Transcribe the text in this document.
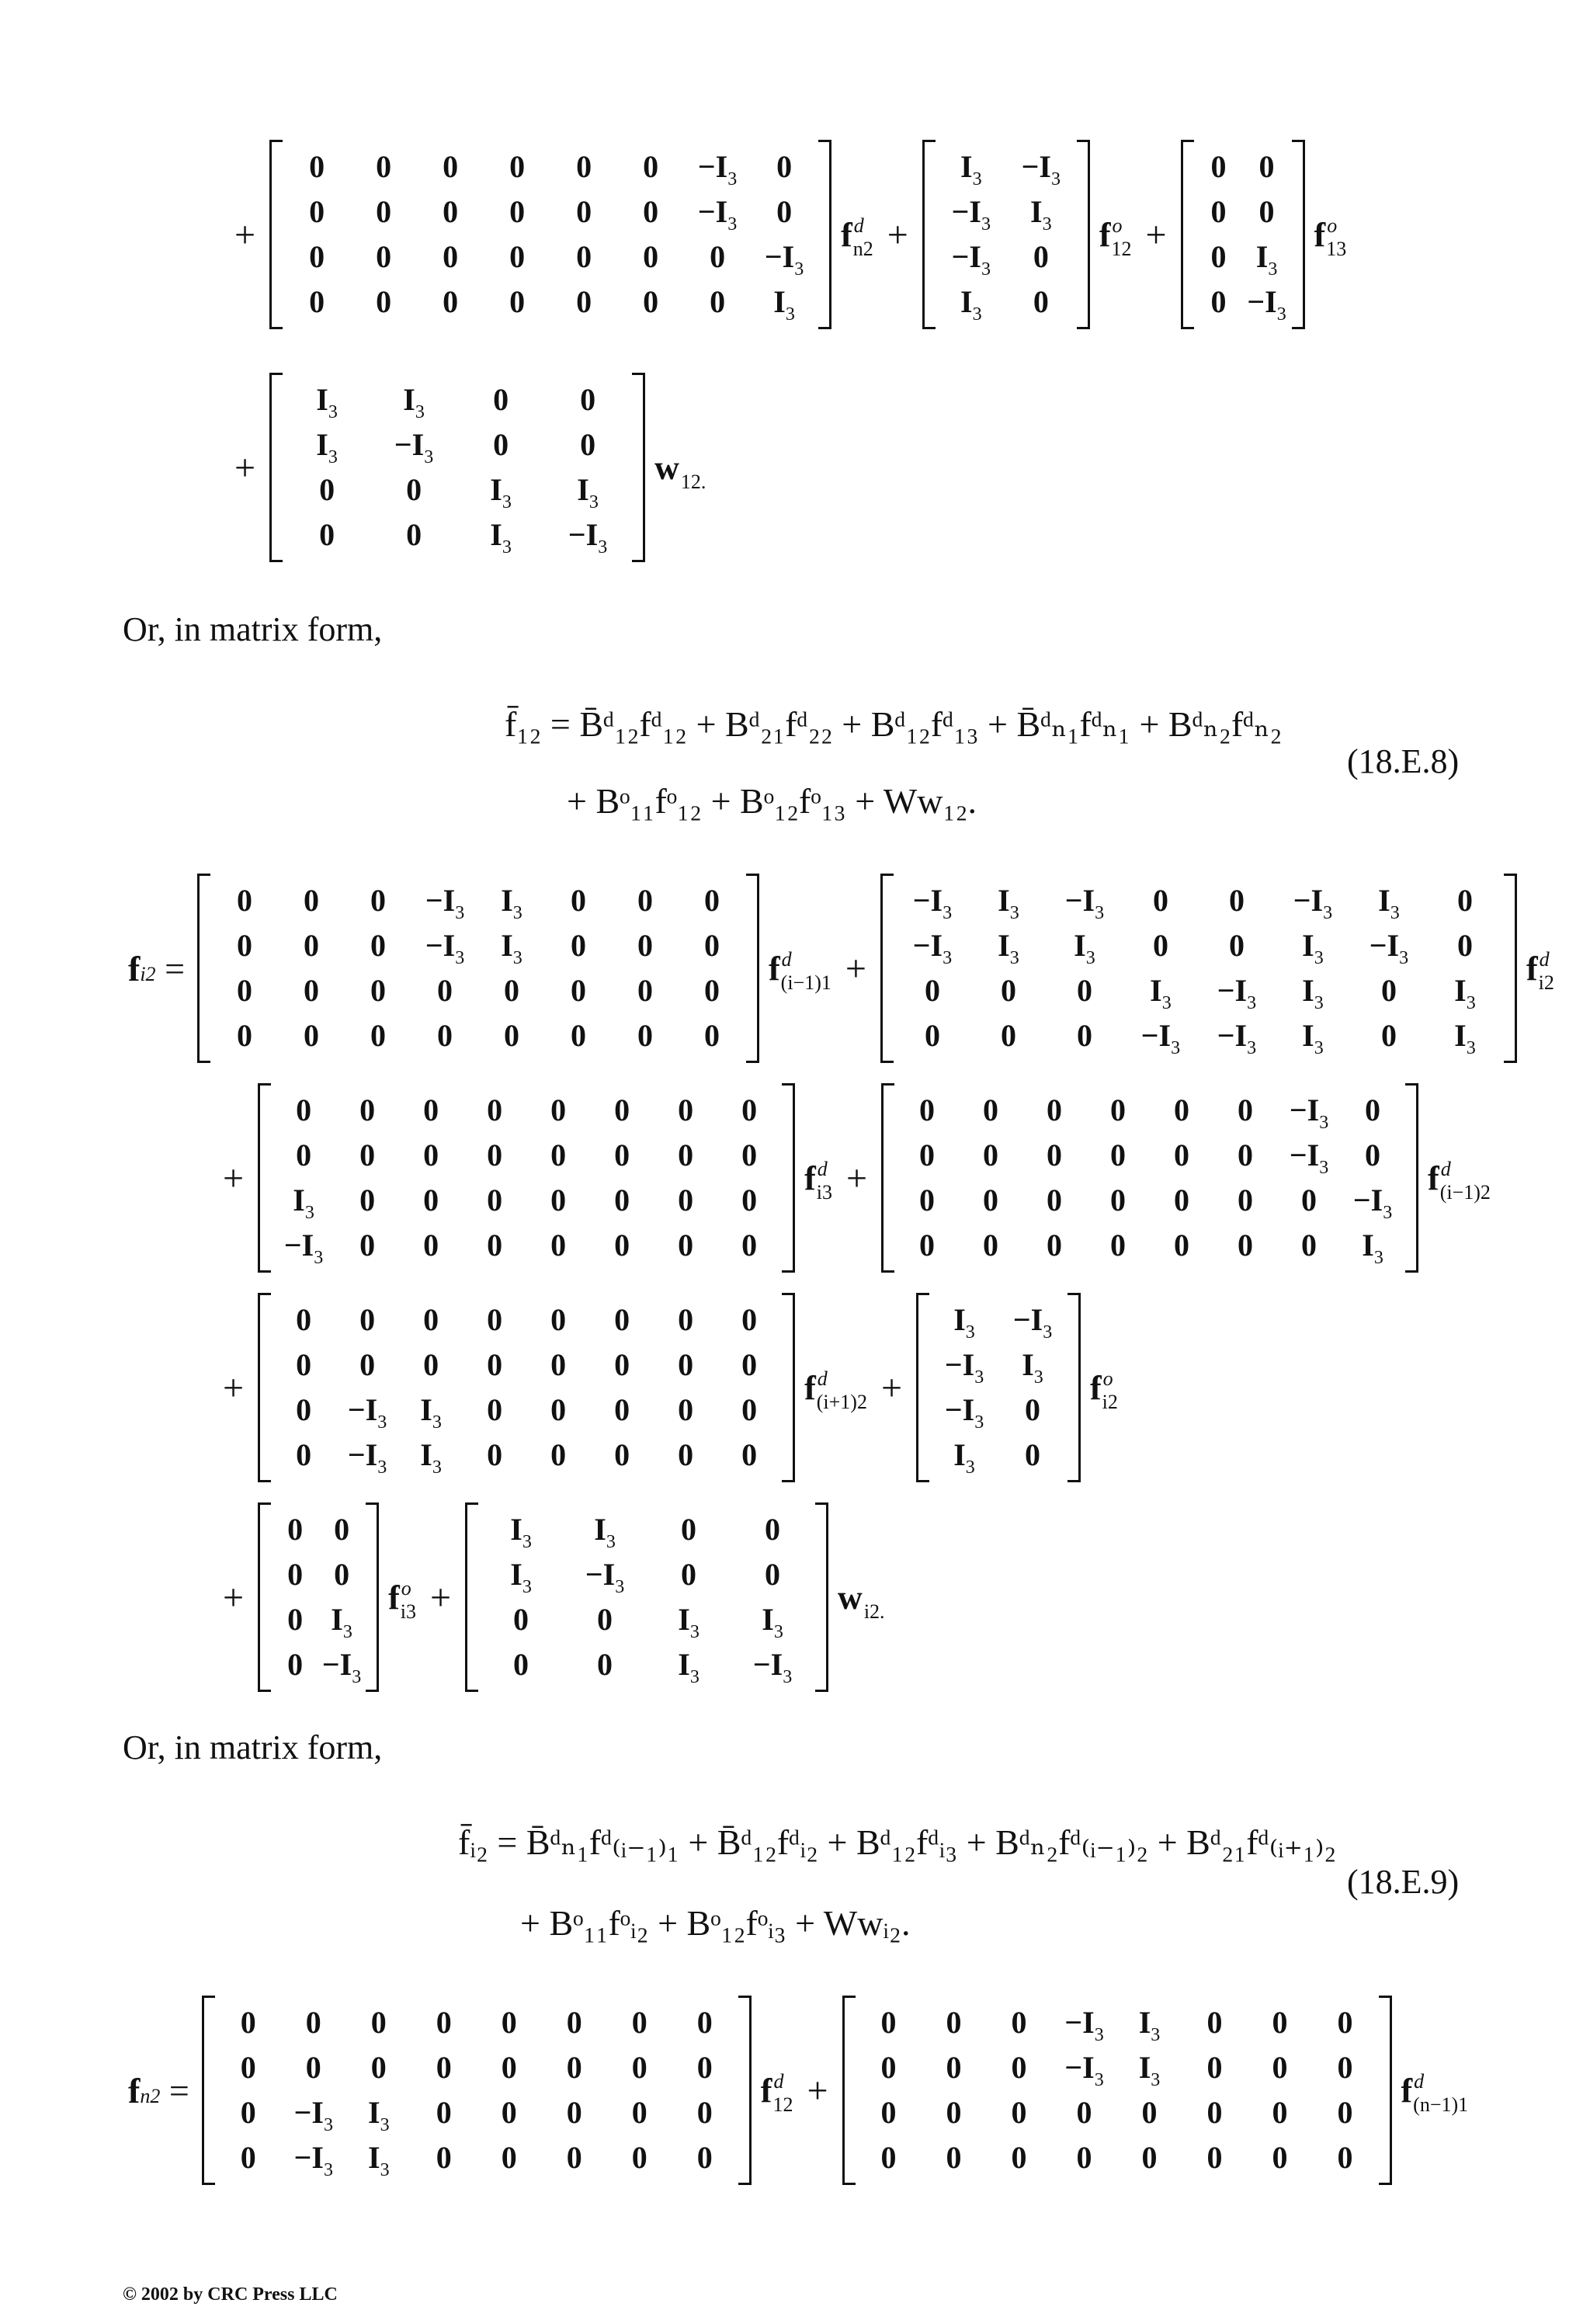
+
0	0	0	0	0	0	$-I_3$	0
0	0	0	0	0	0	$-I_3$	0
0	0	0	0	0	0	0	$-I_3$
0	0	0	0	0	0	0	$I_3$
$f^d_{n2}$ +
$I_3$	$-I_3$
$-I_3$	$I_3$
$-I_3$	0
$I_3$	0
$f^o_{12}$ +
0	0
0	0
0 $I_3$
$0 -I_3$
$f^o_{13}$
+
$I_3$	$I_3$	0	0
$I_3$	$-I_3$	0	0
0	0	$I_3$	$I_3$
0	0	$I_3$	$-I_3$
$w_{12.}$
Or, in matrix form,
f̄₁₂ = B̄ᵈ₁₂fᵈ₁₂ + Bᵈ₂₁fᵈ₂₂ + Bᵈ₁₂fᵈ₁₃ + B̄ᵈₙ₁fᵈₙ₁ + Bᵈₙ₂fᵈₙ₂
+ Bᵒ₁₁fᵒ₁₂ + Bᵒ₁₂fᵒ₁₃ + Ww₁₂.
(18.E.8)
fi2 =
0	0	0	$-I_3$	$I_3$	0	0	0
0	0	0	$-I_3$	$I_3$	0	0	0
0	0	0	0	0	0	0	0
0	0	0	0	0	0	0	0
$f^d_{(i-1)1}$ +
$-I_3$	$I_3$	$-I_3$	0	0	$-I_3$	$I_3$	0
$-I_3$	$I_3$	$I_3$	0	0	$I_3$	$-I_3$	0
0	0	0	$I_3$	$-I_3$	$I_3$	0	$I_3$
0	0	0	$-I_3$	$-I_3$	$I_3$	0	$I_3$
$f^d_{i2}$
+
0	0	0	0	0	0	0	0
0	0	0	0	0	0	0	0
$I_3$	0	0	0	0	0	0	0
$-I_3$	0	0	0	0	0	0	0
$f^d_{i3}$ +
0	0	0	0	0	0	$-I_3$	0
0	0	0	0	0	0	$-I_3$	0
0	0	0	0	0	0	0	$-I_3$
0	0	0	0	0	0	0	$I_3$
$f^d_{(i-1)2}$
+
0	0	0	0	0	0	0	0
0	0	0	0	0	0	0	0
0	$-I_3$	$I_3$	0	0	0	0	0
0	$-I_3$	$I_3$	0	0	0	0	0
$f^d_{(i+1)2}$ +
$I_3$	$-I_3$
$-I_3$	$I_3$
$-I_3$	0
$I_3$	0
$f^o_{i2}$
+
0	0
0	0
0 $I_3$
$0 -I_3$
$f^o_{i3}$ +
$I_3$	$I_3$	0	0
$I_3$	$-I_3$	0	0
0	0	$I_3$	$I_3$
0	0	$I_3$	$-I_3$
$w_{i2.}$
Or, in matrix form,
f̄ᵢ₂ = B̄ᵈₙ₁fᵈ₍ᵢ₋₁₎₁ + B̄ᵈ₁₂fᵈᵢ₂ + Bᵈ₁₂fᵈᵢ₃ + Bᵈₙ₂fᵈ₍ᵢ₋₁₎₂ + Bᵈ₂₁fᵈ₍ᵢ₊₁₎₂
+ Bᵒ₁₁fᵒᵢ₂ + Bᵒ₁₂fᵒᵢ₃ + Wwᵢ₂.
(18.E.9)
fn2 =
0	0	0	0	0	0	0	0
0	0	0	0	0	0	0	0
0	$-I_3$	$I_3$	0	0	0	0	0
0	$-I_3$	$I_3$	0	0	0	0	0
$f^d_{12}$ +
0	0	0	$-I_3$	$I_3$	0	0	0
0	0	0	$-I_3$	$I_3$	0	0	0
0	0	0	0	0	0	0	0
0	0	0	0	0	0	0	0
$f^d_{(n-1)1}$
© 2002 by CRC Press LLC
